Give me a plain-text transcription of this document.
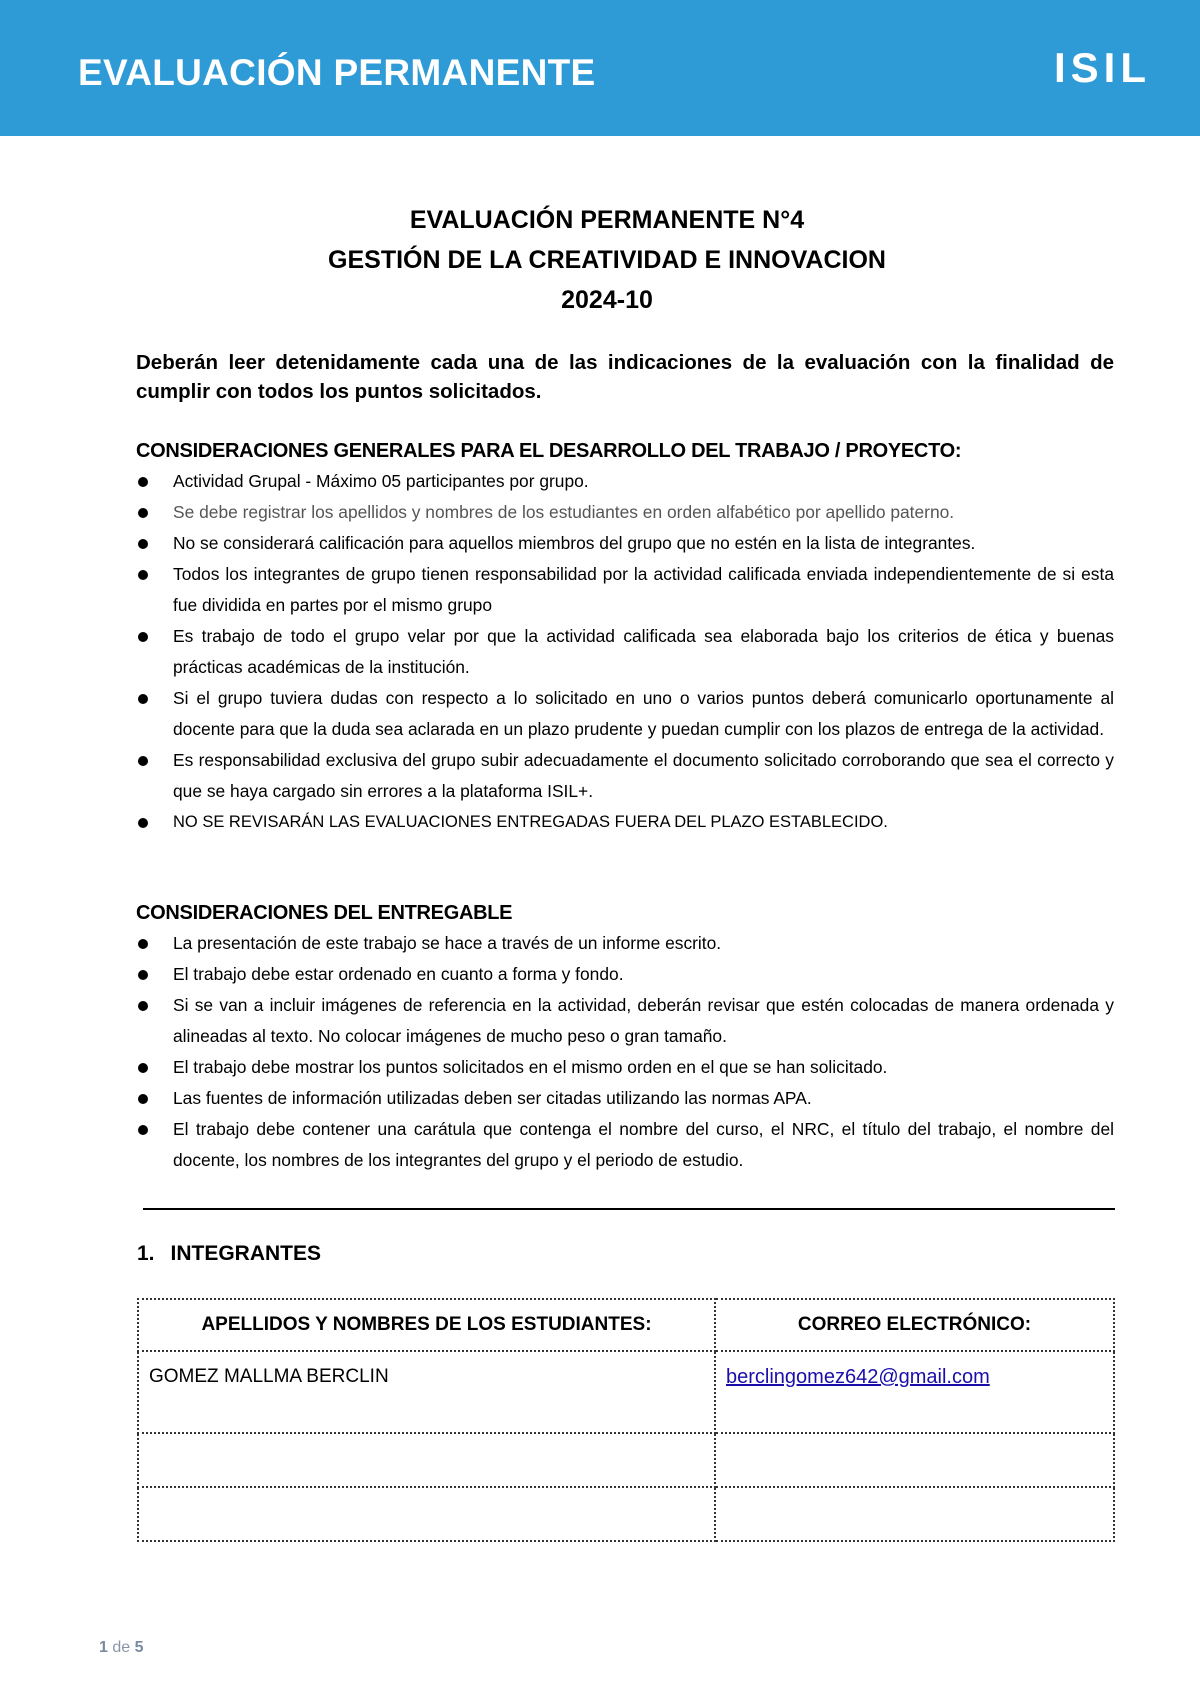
EVALUACIÓN PERMANENTE	ISIL
EVALUACIÓN PERMANENTE N°4
GESTIÓN DE LA CREATIVIDAD E INNOVACION
2024-10
Deberán leer detenidamente cada una de las indicaciones de la evaluación con la finalidad de cumplir con todos los puntos solicitados.
CONSIDERACIONES GENERALES PARA EL DESARROLLO DEL TRABAJO / PROYECTO:
Actividad Grupal - Máximo 05 participantes por grupo.
Se debe registrar los apellidos y nombres de los estudiantes en orden alfabético por apellido paterno.
No se considerará calificación para aquellos miembros del grupo que no estén en la lista de integrantes.
Todos los integrantes de grupo tienen responsabilidad por la actividad calificada enviada independientemente de si esta fue dividida en partes por el mismo grupo
Es trabajo de todo el grupo velar por que la actividad calificada sea elaborada bajo los criterios de ética y buenas prácticas académicas de la institución.
Si el grupo tuviera dudas con respecto a lo solicitado en uno o varios puntos deberá comunicarlo oportunamente al docente para que la duda sea aclarada en un plazo prudente y puedan cumplir con los plazos de entrega de la actividad.
Es responsabilidad exclusiva del grupo subir adecuadamente el documento solicitado corroborando que sea el correcto y que se haya cargado sin errores a la plataforma ISIL+.
NO SE REVISARÁN LAS EVALUACIONES ENTREGADAS FUERA DEL PLAZO ESTABLECIDO.
CONSIDERACIONES DEL ENTREGABLE
La presentación de este trabajo se hace a través de un informe escrito.
El trabajo debe estar ordenado en cuanto a forma y fondo.
Si se van a incluir imágenes de referencia en la actividad, deberán revisar que estén colocadas de manera ordenada y alineadas al texto. No colocar imágenes de mucho peso o gran tamaño.
El trabajo debe mostrar los puntos solicitados en el mismo orden en el que se han solicitado.
Las fuentes de información utilizadas deben ser citadas utilizando las normas APA.
El trabajo debe contener una carátula que contenga el nombre del curso, el NRC, el título del trabajo, el nombre del docente, los nombres de los integrantes del grupo y el periodo de estudio.
1. INTEGRANTES
APELLIDOS Y NOMBRES DE LOS ESTUDIANTES:	CORREO ELECTRÓNICO:
GOMEZ MALLMA BERCLIN	berclingomez642@gmail.com

1 de 5
